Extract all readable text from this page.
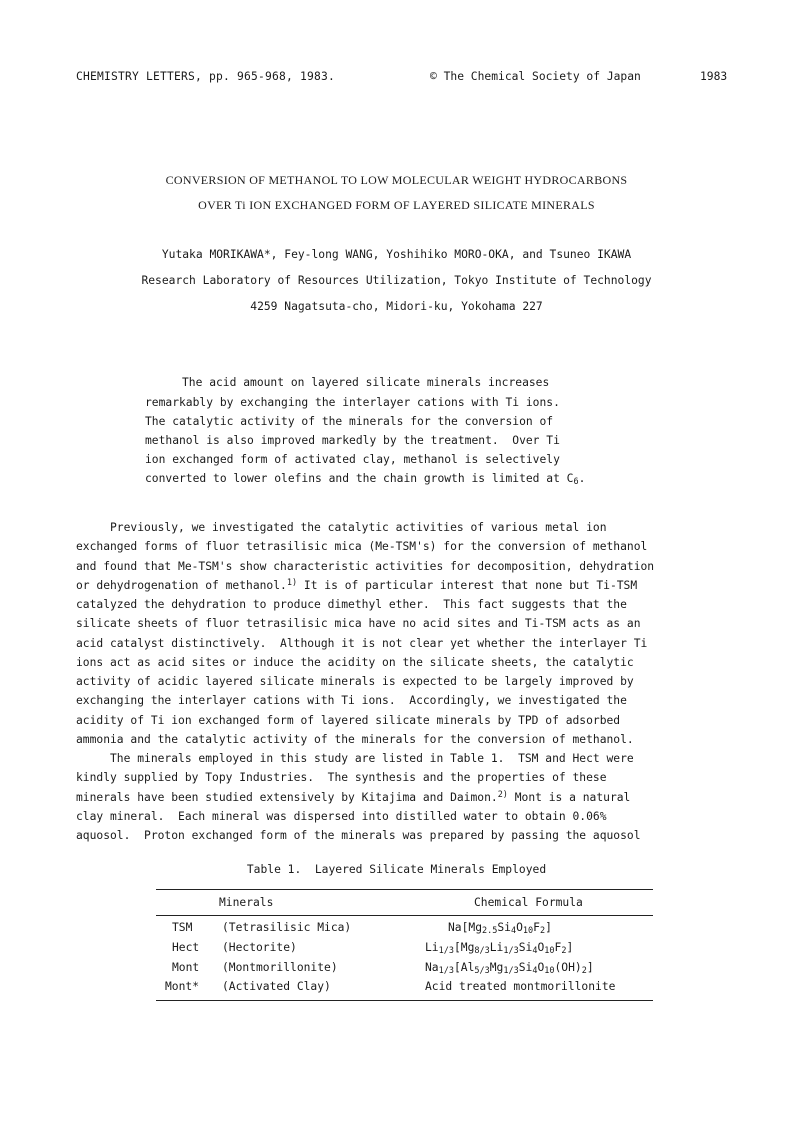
CHEMISTRY LETTERS, pp. 965-968, 1983.	© The Chemical Society of Japan	1983
CONVERSION OF METHANOL TO LOW MOLECULAR WEIGHT HYDROCARBONS
OVER Ti ION EXCHANGED FORM OF LAYERED SILICATE MINERALS
Yutaka MORIKAWA*, Fey-long WANG, Yoshihiko MORO-OKA, and Tsuneo IKAWA
Research Laboratory of Resources Utilization, Tokyo Institute of Technology
4259 Nagatsuta-cho, Midori-ku, Yokohama 227
The acid amount on layered silicate minerals increases
remarkably by exchanging the interlayer cations with Ti ions.
The catalytic activity of the minerals for the conversion of
methanol is also improved markedly by the treatment.  Over Ti
ion exchanged form of activated clay, methanol is selectively
converted to lower olefins and the chain growth is limited at $C_6$.
Previously, we investigated the catalytic activities of various metal ion
exchanged forms of fluor tetrasilisic mica (Me-TSM's) for the conversion of methanol
and found that Me-TSM's show characteristic activities for decomposition, dehydration
or dehydrogenation of methanol.$^{1)}$ It is of particular interest that none but Ti-TSM
catalyzed the dehydration to produce dimethyl ether.  This fact suggests that the
silicate sheets of fluor tetrasilisic mica have no acid sites and Ti-TSM acts as an
acid catalyst distinctively.  Although it is not clear yet whether the interlayer Ti
ions act as acid sites or induce the acidity on the silicate sheets, the catalytic
activity of acidic layered silicate minerals is expected to be largely improved by
exchanging the interlayer cations with Ti ions.  Accordingly, we investigated the
acidity of Ti ion exchanged form of layered silicate minerals by TPD of adsorbed
ammonia and the catalytic activity of the minerals for the conversion of methanol.
The minerals employed in this study are listed in Table 1.  TSM and Hect were
kindly supplied by Topy Industries.  The synthesis and the properties of these
minerals have been studied extensively by Kitajima and Daimon.$^{2)}$ Mont is a natural
clay mineral.  Each mineral was dispersed into distilled water to obtain 0.06%
aquosol.  Proton exchanged form of the minerals was prepared by passing the aquosol
Table 1.  Layered Silicate Minerals Employed
Minerals	Chemical Formula
TSM	(Tetrasilisic Mica)	$Na[Mg_{2.5}Si_4O_{10}F_2]$
Hect (Hectorite)	$Li_{1/3}[Mg_{8/3}Li_{1/3}Si_4O_{10}F_2]$
Mont (Montmorillonite)	$Na_{1/3}[Al_{5/3}Mg_{1/3}Si_4O_{10}(OH)_2]$
Mont* (Activated Clay)	Acid treated montmorillonite
